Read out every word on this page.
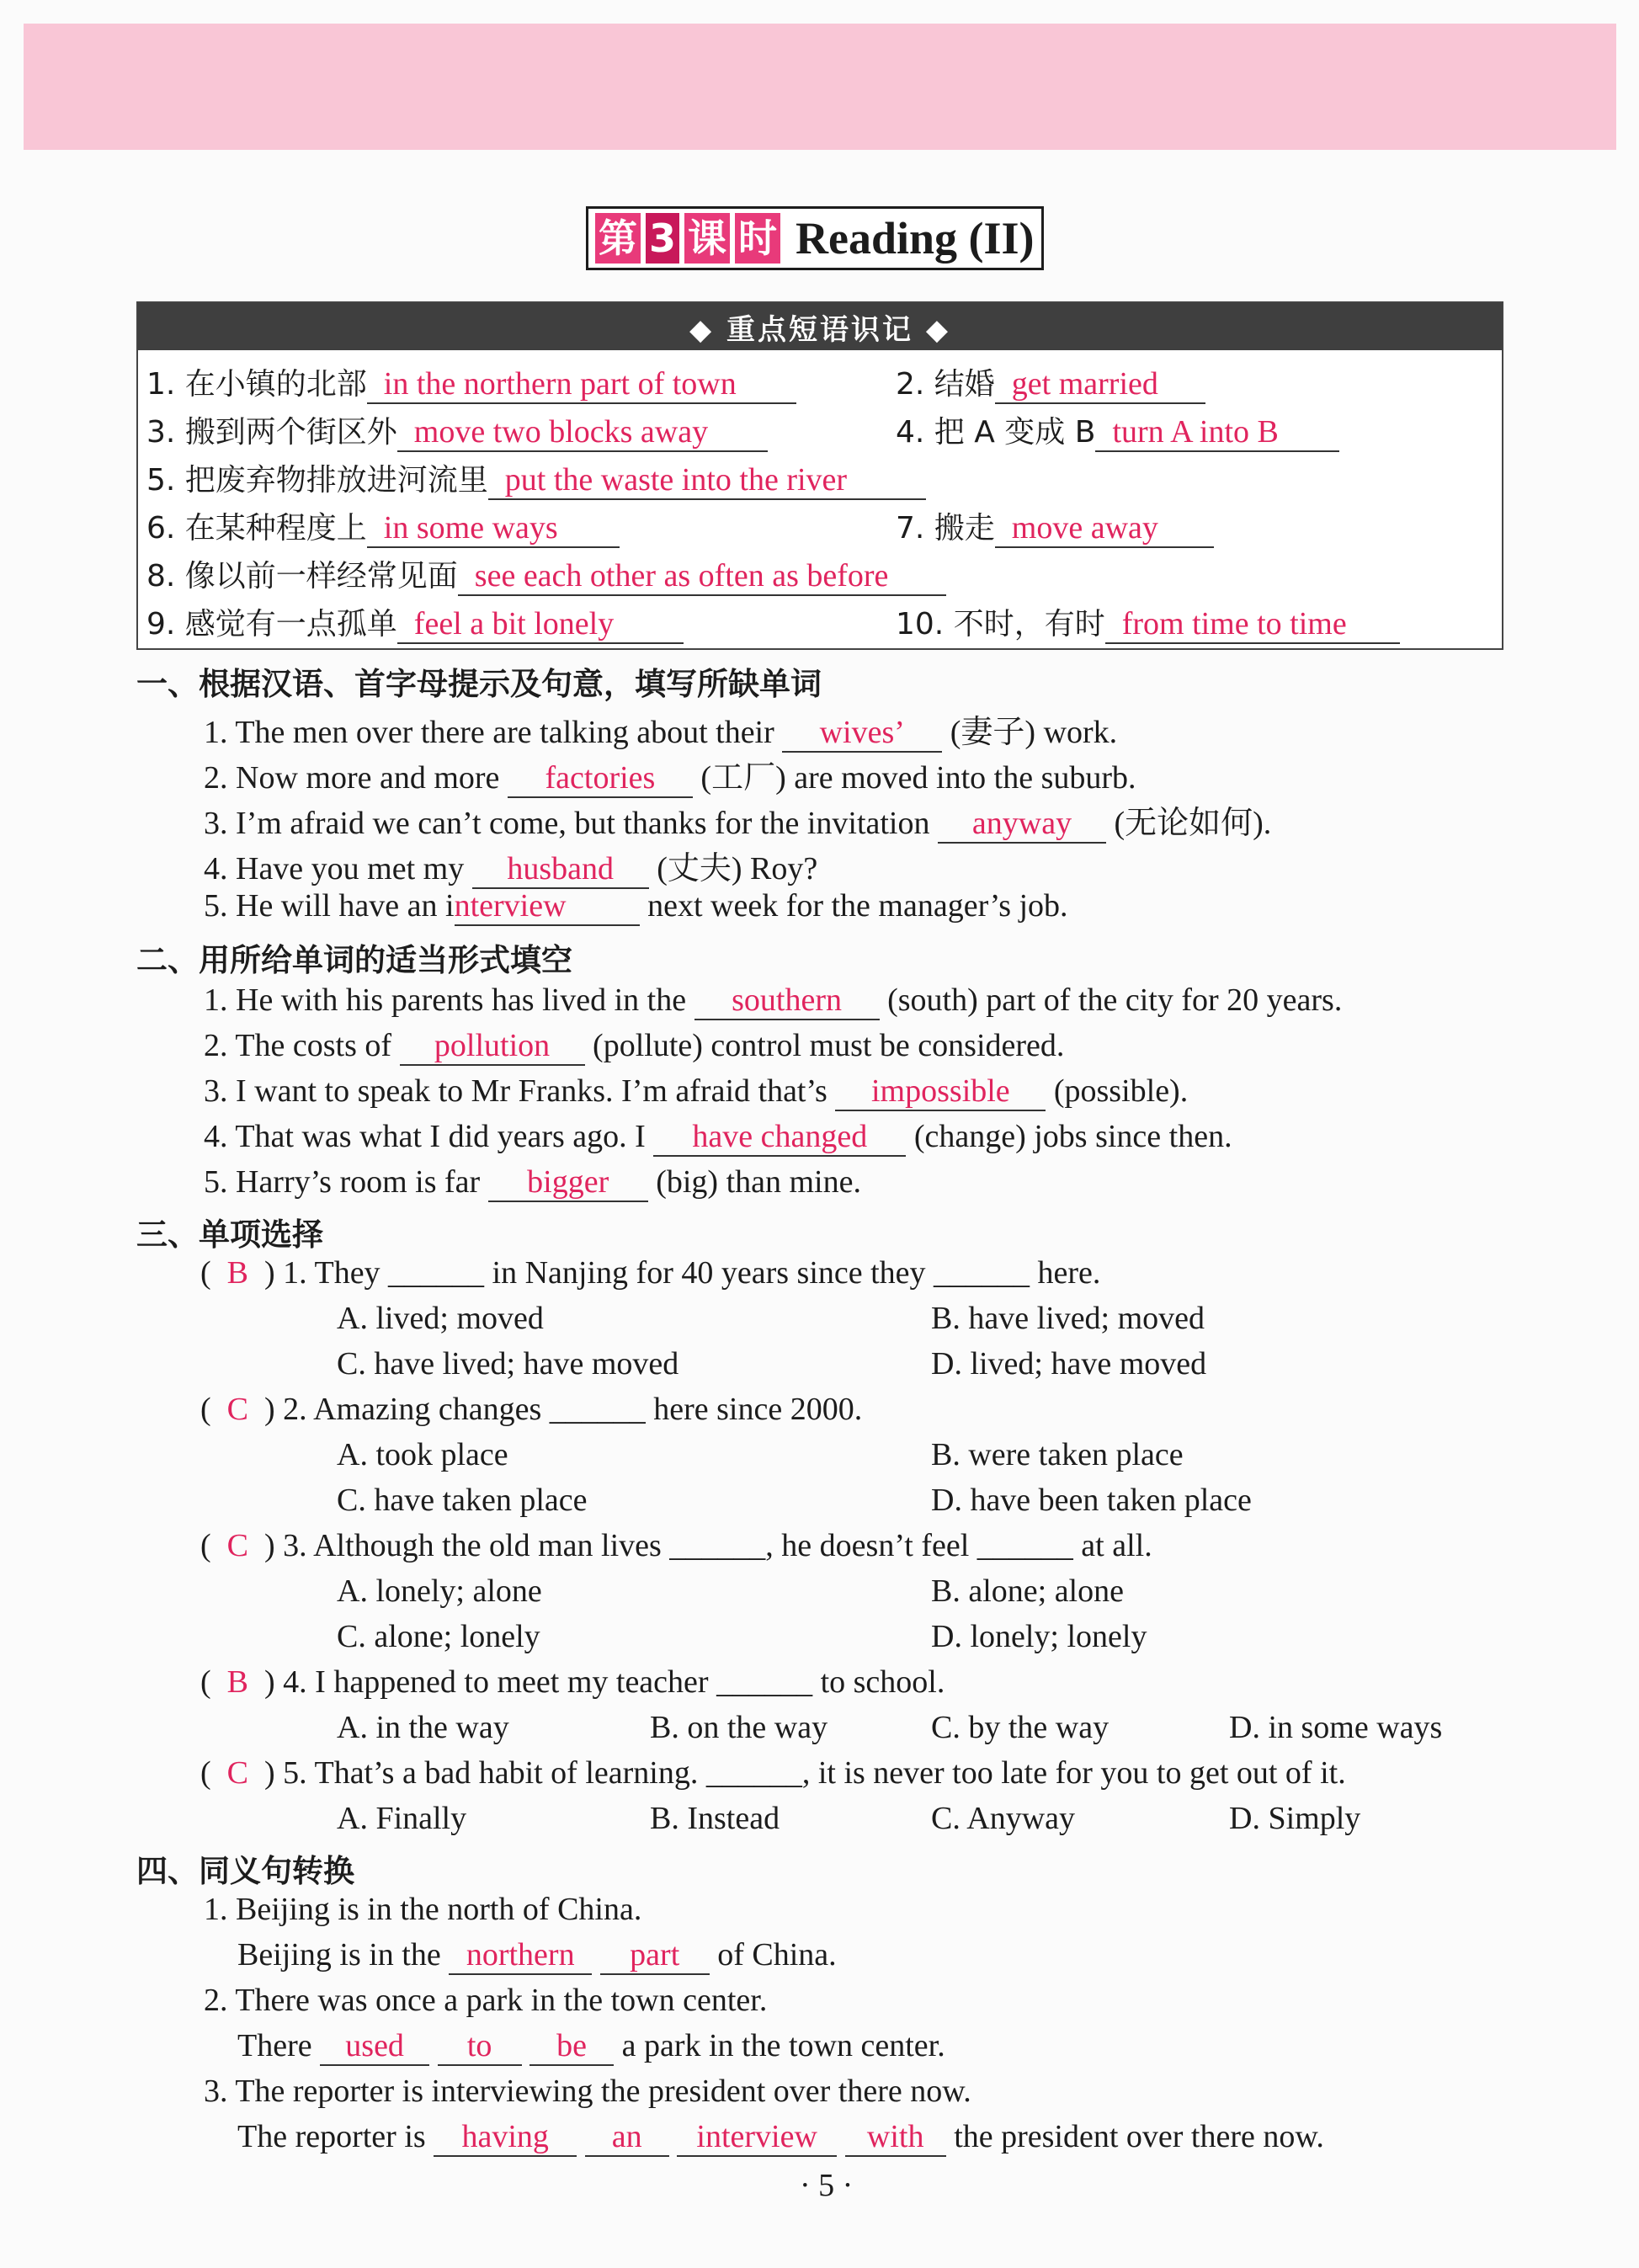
第 3 课 时 Reading (II)
◆ 重点短语识记 ◆
1. 在小镇的北部 in the northern part of town	2. 结婚 get married
3. 搬到两个街区外 move two blocks away	4. 把 A 变成 B turn A into B
5. 把废弃物排放进河流里 put the waste into the river
6. 在某种程度上 in some ways	7. 搬走 move away
8. 像以前一样经常见面 see each other as often as before
9. 感觉有一点孤单 feel a bit lonely	10. 不时，有时 from time to time
一、根据汉语、首字母提示及句意，填写所缺单词
1. The men over there are talking about their wives’ (妻子) work.
2. Now more and more factories (工厂) are moved into the suburb.
3. I’m afraid we can’t come, but thanks for the invitation anyway (无论如何).
4. Have you met my husband (丈夫) Roy?
5. He will have an interview	next week for the manager’s job.
二、用所给单词的适当形式填空
1. He with his parents has lived in the southern (south) part of the city for 20 years.
2. The costs of pollution (pollute) control must be considered.
3. I want to speak to Mr Franks. I’m afraid that’s impossible (possible).
4. That was what I did years ago. I have changed (change) jobs since then.
5. Harry’s room is far bigger (big) than mine.
三、单项选择
(  B ) 1. They ______ in Nanjing for 40 years since they ______ here.
A. lived; moved	B. have lived; moved
C. have lived; have moved	D. lived; have moved
(  C ) 2. Amazing changes ______ here since 2000.
A. took place	B. were taken place
C. have taken place	D. have been taken place
(  C ) 3. Although the old man lives ______, he doesn’t feel ______ at all.
A. lonely; alone	B. alone; alone
C. alone; lonely	D. lonely; lonely
(  B ) 4. I happened to meet my teacher ______ to school.
A. in the way	B. on the way	C. by the way	D. in some ways
(  C ) 5. That’s a bad habit of learning. ______, it is never too late for you to get out of it.
A. Finally	B. Instead	C. Anyway	D. Simply
四、同义句转换
1. Beijing is in the north of China.
Beijing is in the northern part of China.
2. There was once a park in the town center.
There used to be a park in the town center.
3. The reporter is interviewing the president over there now.
The reporter is having an interview with the president over there now.
· 5 ·
